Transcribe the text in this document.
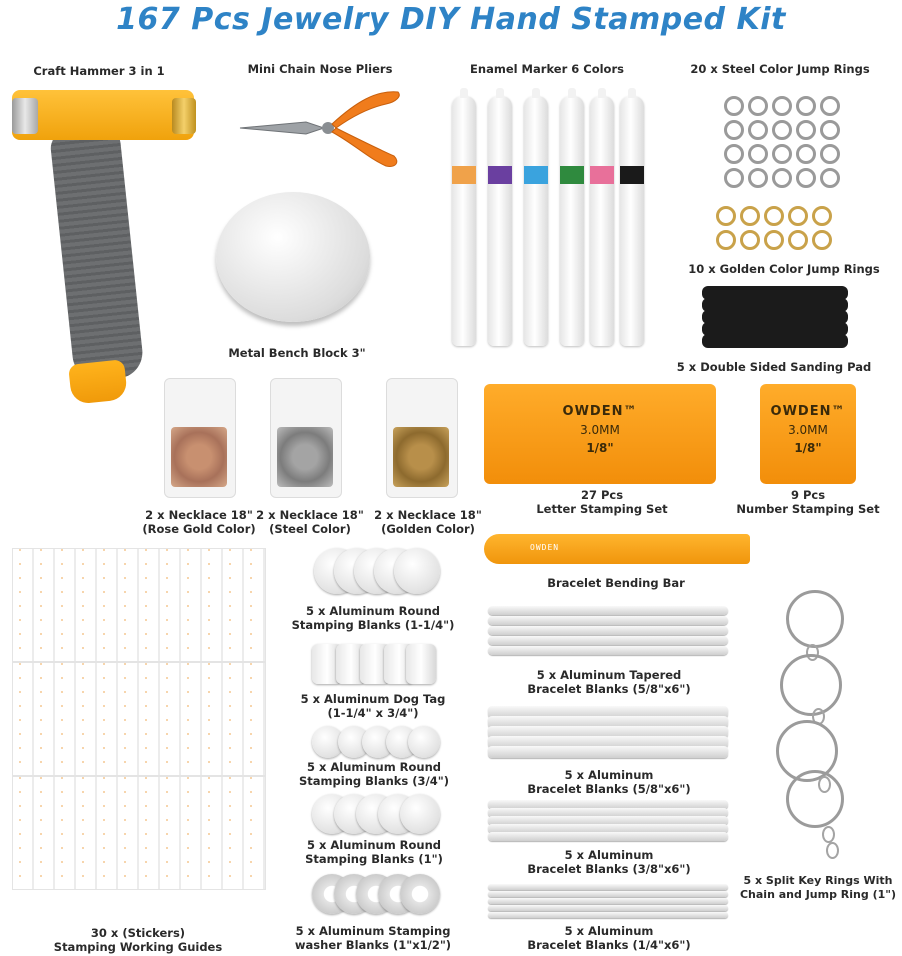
167 Pcs Jewelry DIY Hand Stamped Kit
Craft Hammer 3 in 1	Mini Chain Nose Pliers
Metal Bench Block 3"
Enamel Marker 6 Colors	20 x Steel Color Jump Rings
10 x Golden Color Jump Rings
5 x Double Sided Sanding Pad
2 x Necklace 18"
(Rose Gold Color)
2 x Necklace 18"
(Steel Color)
2 x Necklace 18"
(Golden Color)
OWDEN™
3.0MM
1/8"
27 Pcs
Letter Stamping Set
OWDEN™
3.0MM
1/8"
9 Pcs
Number Stamping Set
OWDEN
Bracelet Bending Bar
30 x (Stickers)
Stamping Working Guides
5 x Aluminum Round
Stamping Blanks (1-1/4")
5 x Aluminum Dog Tag
(1-1/4" x 3/4")
5 x Aluminum Round
Stamping Blanks (3/4")
5 x Aluminum Round
Stamping Blanks (1")
5 x Aluminum Stamping
washer Blanks (1"x1/2")
5 x Aluminum Tapered
Bracelet Blanks (5/8"x6")
5 x Aluminum
Bracelet Blanks (5/8"x6")
5 x Aluminum
Bracelet Blanks (3/8"x6")
5 x Aluminum
Bracelet Blanks (1/4"x6")
5 x Split Key Rings With
Chain and Jump Ring (1")
